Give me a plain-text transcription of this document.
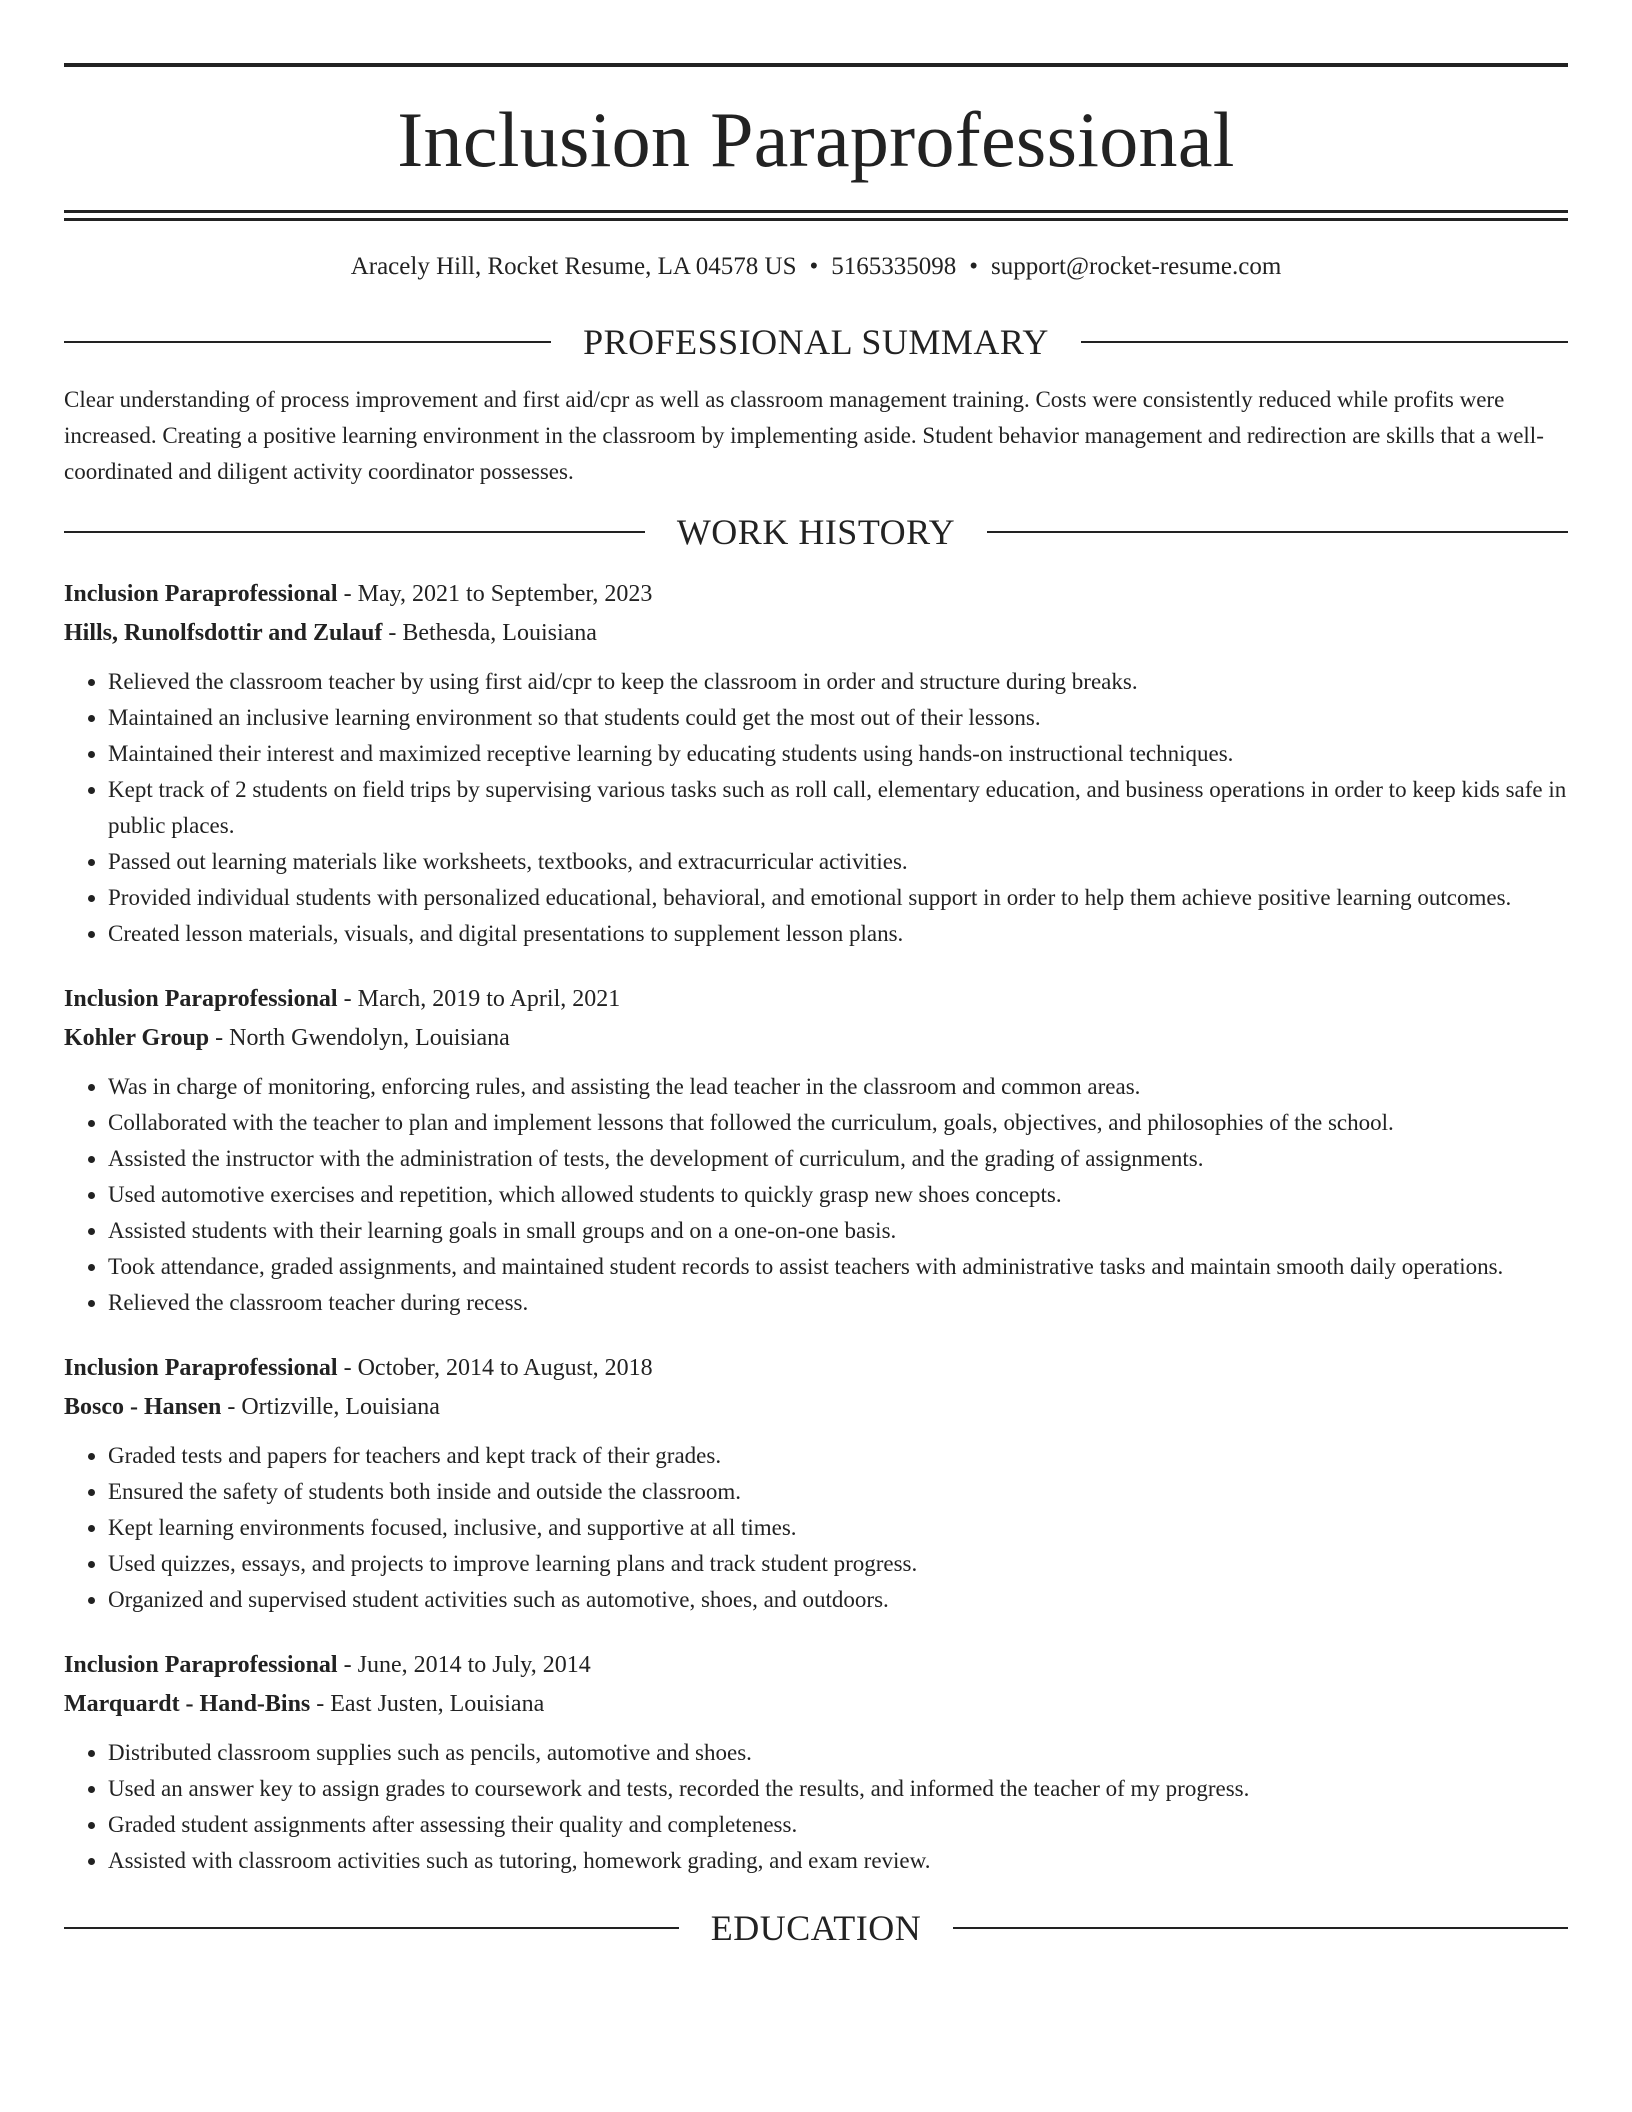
Inclusion Paraprofessional
Aracely Hill, Rocket Resume, LA 04578 US • 5165335098 • support@rocket-resume.com
PROFESSIONAL SUMMARY

Clear understanding of process improvement and first aid/cpr as well as classroom management training. Costs were consistently reduced while profits were increased. Creating a positive learning environment in the classroom by implementing aside. Student behavior management and redirection are skills that a well-coordinated and diligent activity coordinator possesses.

WORK HISTORY
Inclusion Paraprofessional - May, 2021 to September, 2023
Hills, Runolfsdottir and Zulauf - Bethesda, Louisiana
• Relieved the classroom teacher by using first aid/cpr to keep the classroom in order and structure during breaks.
• Maintained an inclusive learning environment so that students could get the most out of their lessons.
• Maintained their interest and maximized receptive learning by educating students using hands-on instructional techniques.
• Kept track of 2 students on field trips by supervising various tasks such as roll call, elementary education, and business operations in order to keep kids safe in public places.
• Passed out learning materials like worksheets, textbooks, and extracurricular activities.
• Provided individual students with personalized educational, behavioral, and emotional support in order to help them achieve positive learning outcomes.
• Created lesson materials, visuals, and digital presentations to supplement lesson plans.
Inclusion Paraprofessional - March, 2019 to April, 2021
Kohler Group - North Gwendolyn, Louisiana
• Was in charge of monitoring, enforcing rules, and assisting the lead teacher in the classroom and common areas.
• Collaborated with the teacher to plan and implement lessons that followed the curriculum, goals, objectives, and philosophies of the school.
• Assisted the instructor with the administration of tests, the development of curriculum, and the grading of assignments.
• Used automotive exercises and repetition, which allowed students to quickly grasp new shoes concepts.
• Assisted students with their learning goals in small groups and on a one-on-one basis.
• Took attendance, graded assignments, and maintained student records to assist teachers with administrative tasks and maintain smooth daily operations.
• Relieved the classroom teacher during recess.
Inclusion Paraprofessional - October, 2014 to August, 2018
Bosco - Hansen - Ortizville, Louisiana
• Graded tests and papers for teachers and kept track of their grades.
• Ensured the safety of students both inside and outside the classroom.
• Kept learning environments focused, inclusive, and supportive at all times.
• Used quizzes, essays, and projects to improve learning plans and track student progress.
• Organized and supervised student activities such as automotive, shoes, and outdoors.
Inclusion Paraprofessional - June, 2014 to July, 2014
Marquardt - Hand-Bins - East Justen, Louisiana
• Distributed classroom supplies such as pencils, automotive and shoes.
• Used an answer key to assign grades to coursework and tests, recorded the results, and informed the teacher of my progress.
• Graded student assignments after assessing their quality and completeness.
• Assisted with classroom activities such as tutoring, homework grading, and exam review.
EDUCATION
